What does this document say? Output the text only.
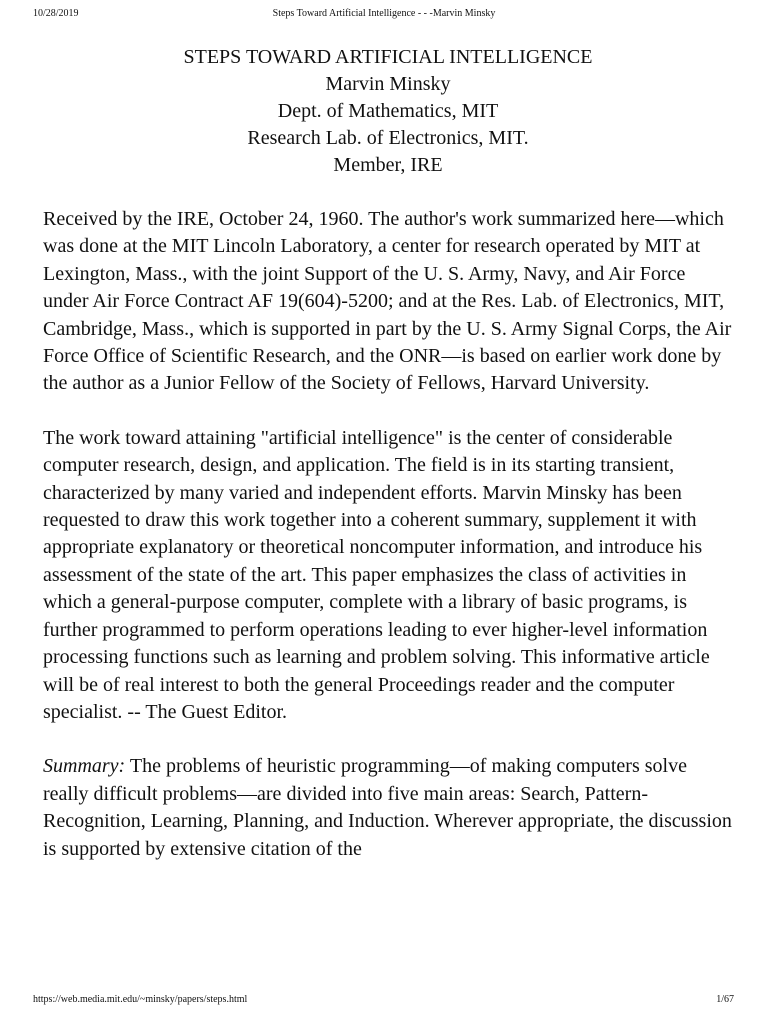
10/28/2019	Steps Toward Artificial Intelligence - - -Marvin Minsky
STEPS TOWARD ARTIFICIAL INTELLIGENCE
Marvin Minsky
Dept. of Mathematics, MIT
Research Lab. of Electronics, MIT.
Member, IRE

Received by the IRE, October 24, 1960. The author's work summarized here—which was done at the MIT Lincoln Laboratory, a center for research operated by MIT at Lexington, Mass., with the joint Support of the U. S. Army, Navy, and Air Force under Air Force Contract AF 19(604)-5200; and at the Res. Lab. of Electronics, MIT, Cambridge, Mass., which is supported in part by the U. S. Army Signal Corps, the Air Force Office of Scientific Research, and the ONR—is based on earlier work done by the author as a Junior Fellow of the Society of Fellows, Harvard University.

The work toward attaining "artificial intelligence" is the center of considerable computer research, design, and application. The field is in its starting transient, characterized by many varied and independent efforts. Marvin Minsky has been requested to draw this work together into a coherent summary, supplement it with appropriate explanatory or theoretical noncomputer information, and introduce his assessment of the state of the art. This paper emphasizes the class of activities in which a general-purpose computer, complete with a library of basic programs, is further programmed to perform operations leading to ever higher-level information processing functions such as learning and problem solving. This informative article will be of real interest to both the general Proceedings reader and the computer specialist. -- The Guest Editor.

Summary: The problems of heuristic programming—of making computers solve really difficult problems—are divided into five main areas: Search, Pattern-Recognition, Learning, Planning, and Induction. Wherever appropriate, the discussion is supported by extensive citation of the

https://web.media.mit.edu/~minsky/papers/steps.html	1/67
